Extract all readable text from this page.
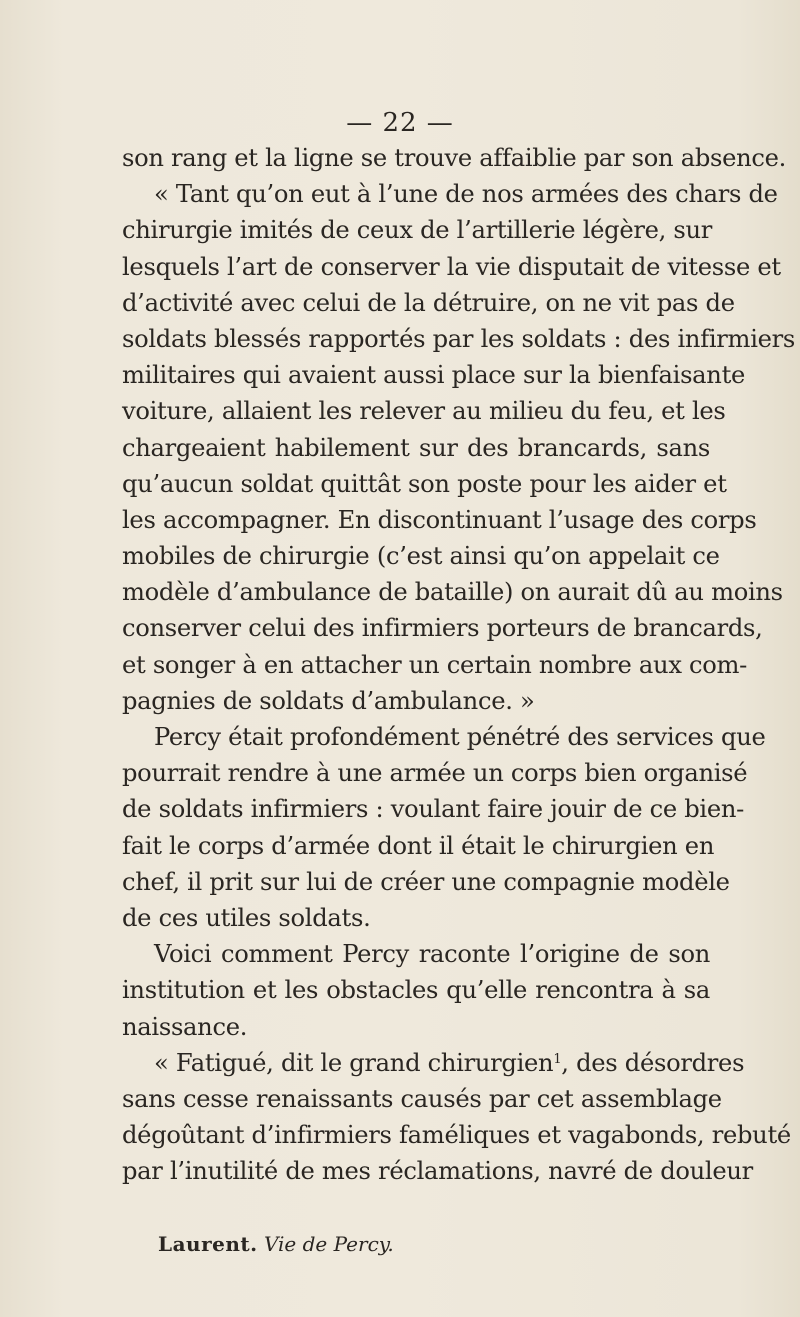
— 22 —
son rang et la ligne se trouve affaiblie par son absence.
« Tant qu’on eut à l’une de nos armées des chars de
chirurgie imités de ceux de l’artillerie légère, sur
lesquels l’art de conserver la vie disputait de vitesse et
d’activité avec celui de la détruire, on ne vit pas de
soldats blessés rapportés par les soldats : des infirmiers
militaires qui avaient aussi place sur la bienfaisante
voiture, allaient les relever au milieu du feu, et les
chargeaient habilement sur des brancards, sans
qu’aucun soldat quittât son poste pour les aider et
les accompagner. En discontinuant l’usage des corps
mobiles de chirurgie (c’est ainsi qu’on appelait ce
modèle d’ambulance de bataille) on aurait dû au moins
conserver celui des infirmiers porteurs de brancards,
et songer à en attacher un certain nombre aux com-
pagnies de soldats d’ambulance. »
Percy était profondément pénétré des services que
pourrait rendre à une armée un corps bien organisé
de soldats infirmiers : voulant faire jouir de ce bien-
fait le corps d’armée dont il était le chirurgien en
chef, il prit sur lui de créer une compagnie modèle
de ces utiles soldats.
Voici comment Percy raconte l’origine de son
institution et les obstacles qu’elle rencontra à sa
naissance.
« Fatigué, dit le grand chirurgien$^1$, des désordres
sans cesse renaissants causés par cet assemblage
dégoûtant d’infirmiers faméliques et vagabonds, rebuté
par l’inutilité de mes réclamations, navré de douleur
Laurent. Vie de Percy.
